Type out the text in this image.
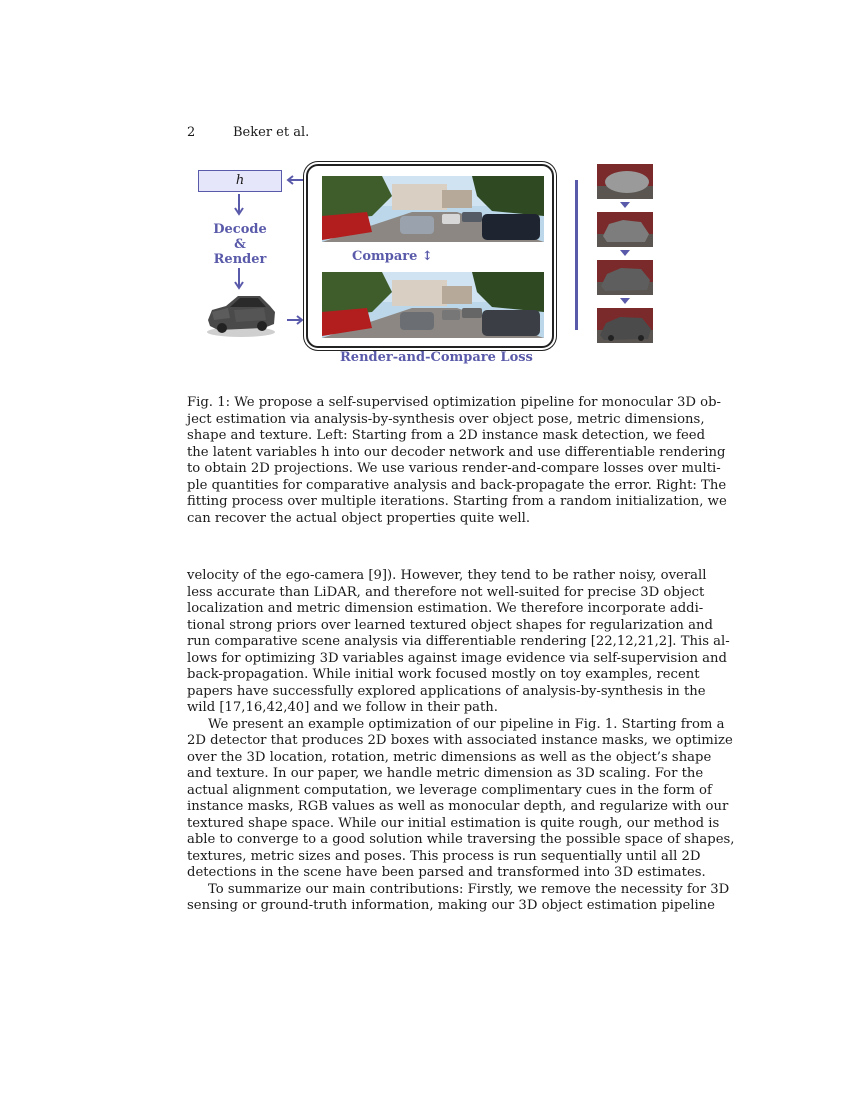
2	Beker et al.
h
Decode
&
Render	Compare ↕
Render-and-Compare Loss
Fig. 1: We propose a self-supervised optimization pipeline for monocular 3D ob-
ject estimation via analysis-by-synthesis over object pose, metric dimensions,
shape and texture. Left: Starting from a 2D instance mask detection, we feed
the latent variables h into our decoder network and use differentiable rendering
to obtain 2D projections. We use various render-and-compare losses over multi-
ple quantities for comparative analysis and back-propagate the error. Right: The
fitting process over multiple iterations. Starting from a random initialization, we
can recover the actual object properties quite well.
velocity of the ego-camera [9]). However, they tend to be rather noisy, overall
less accurate than LiDAR, and therefore not well-suited for precise 3D object
localization and metric dimension estimation. We therefore incorporate addi-
tional strong priors over learned textured object shapes for regularization and
run comparative scene analysis via differentiable rendering [22,12,21,2]. This al-
lows for optimizing 3D variables against image evidence via self-supervision and
back-propagation. While initial work focused mostly on toy examples, recent
papers have successfully explored applications of analysis-by-synthesis in the
wild [17,16,42,40] and we follow in their path.
We present an example optimization of our pipeline in Fig. 1. Starting from a
2D detector that produces 2D boxes with associated instance masks, we optimize
over the 3D location, rotation, metric dimensions as well as the object’s shape
and texture. In our paper, we handle metric dimension as 3D scaling. For the
actual alignment computation, we leverage complimentary cues in the form of
instance masks, RGB values as well as monocular depth, and regularize with our
textured shape space. While our initial estimation is quite rough, our method is
able to converge to a good solution while traversing the possible space of shapes,
textures, metric sizes and poses. This process is run sequentially until all 2D
detections in the scene have been parsed and transformed into 3D estimates.
To summarize our main contributions: Firstly, we remove the necessity for 3D
sensing or ground-truth information, making our 3D object estimation pipeline
